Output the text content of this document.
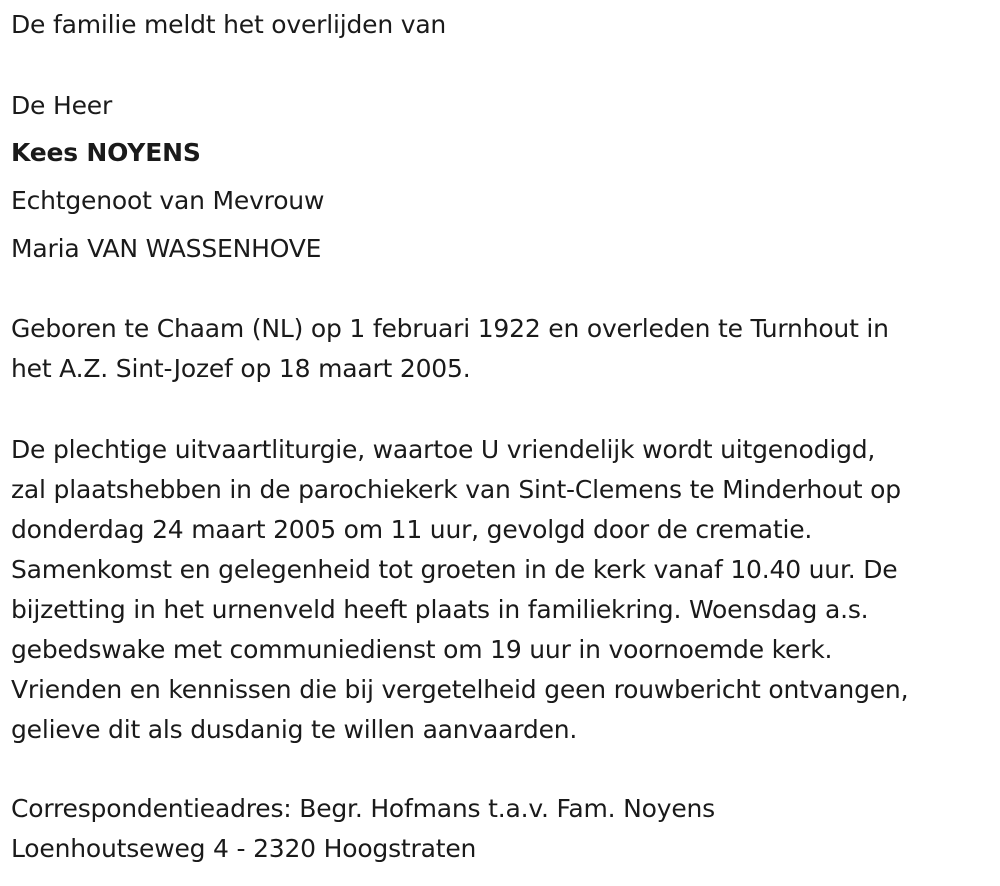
De familie meldt het overlijden van
De Heer
Kees NOYENS
Echtgenoot van Mevrouw
Maria VAN WASSENHOVE
Geboren te Chaam (NL) op 1 februari 1922 en overleden te Turnhout in
het A.Z. Sint-Jozef op 18 maart 2005.
De plechtige uitvaartliturgie, waartoe U vriendelijk wordt uitgenodigd,
zal plaatshebben in de parochiekerk van Sint-Clemens te Minderhout op
donderdag 24 maart 2005 om 11 uur, gevolgd door de crematie.
Samenkomst en gelegenheid tot groeten in de kerk vanaf 10.40 uur. De
bijzetting in het urnenveld heeft plaats in familiekring. Woensdag a.s.
gebedswake met communiedienst om 19 uur in voornoemde kerk.
Vrienden en kennissen die bij vergetelheid geen rouwbericht ontvangen,
gelieve dit als dusdanig te willen aanvaarden.
Correspondentieadres: Begr. Hofmans t.a.v. Fam. Noyens
Loenhoutseweg 4 - 2320 Hoogstraten
